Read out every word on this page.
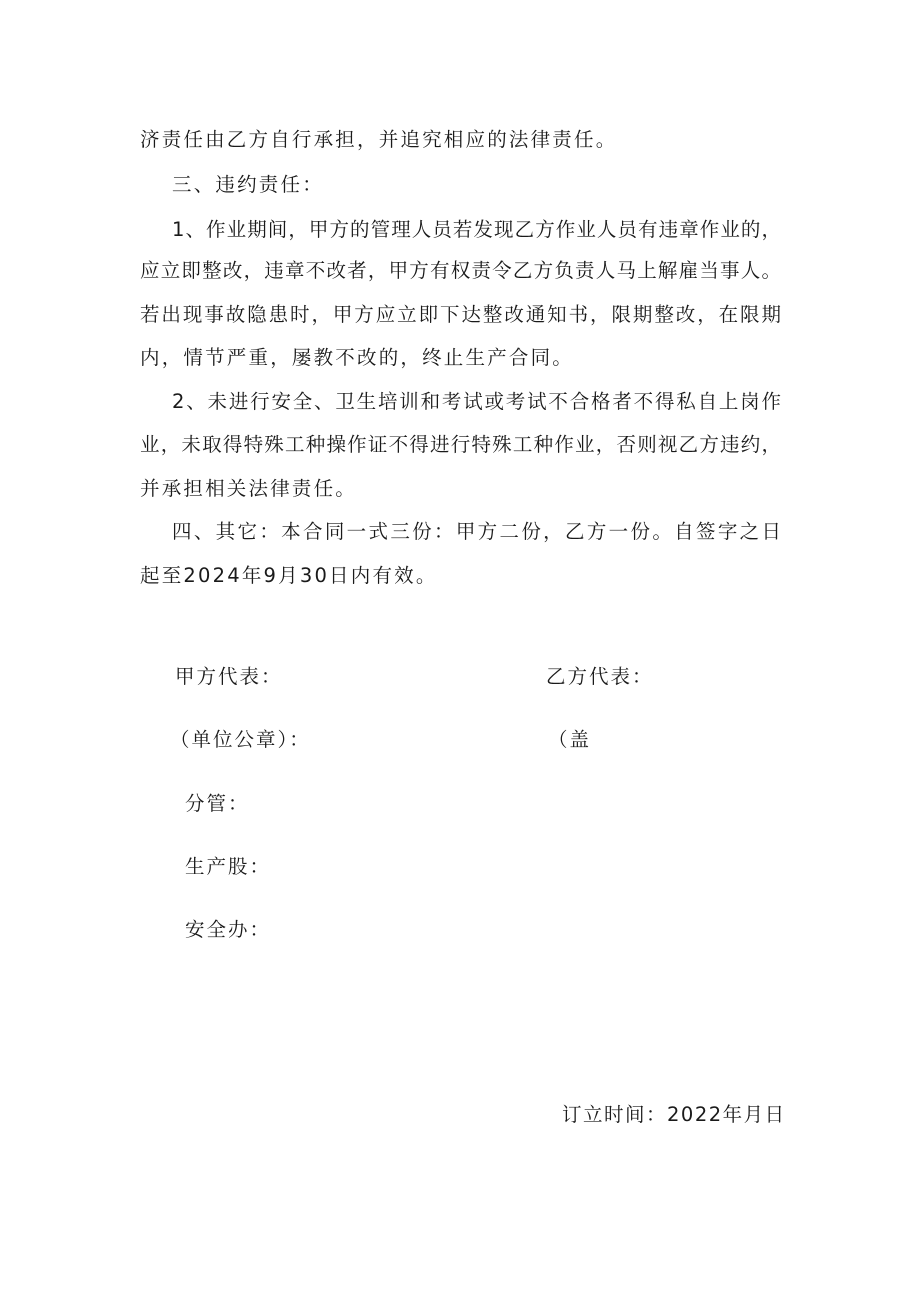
济责任由乙方自行承担，并追究相应的法律责任。
三、违约责任：
1、作业期间，甲方的管理人员若发现乙方作业人员有违章作业的，
应立即整改，违章不改者，甲方有权责令乙方负责人马上解雇当事人。
若出现事故隐患时，甲方应立即下达整改通知书，限期整改，在限期
内，情节严重，屡教不改的，终止生产合同。
2、未进行安全、卫生培训和考试或考试不合格者不得私自上岗作
业，未取得特殊工种操作证不得进行特殊工种作业，否则视乙方违约，
并承担相关法律责任。
四、其它：本合同一式三份：甲方二份，乙方一份。自签字之日
起至2024年9月30日内有效。
甲方代表：	乙方代表：
（单位公章）：	（盖
分管：
生产股：
安全办：
订立时间：2022年月日
